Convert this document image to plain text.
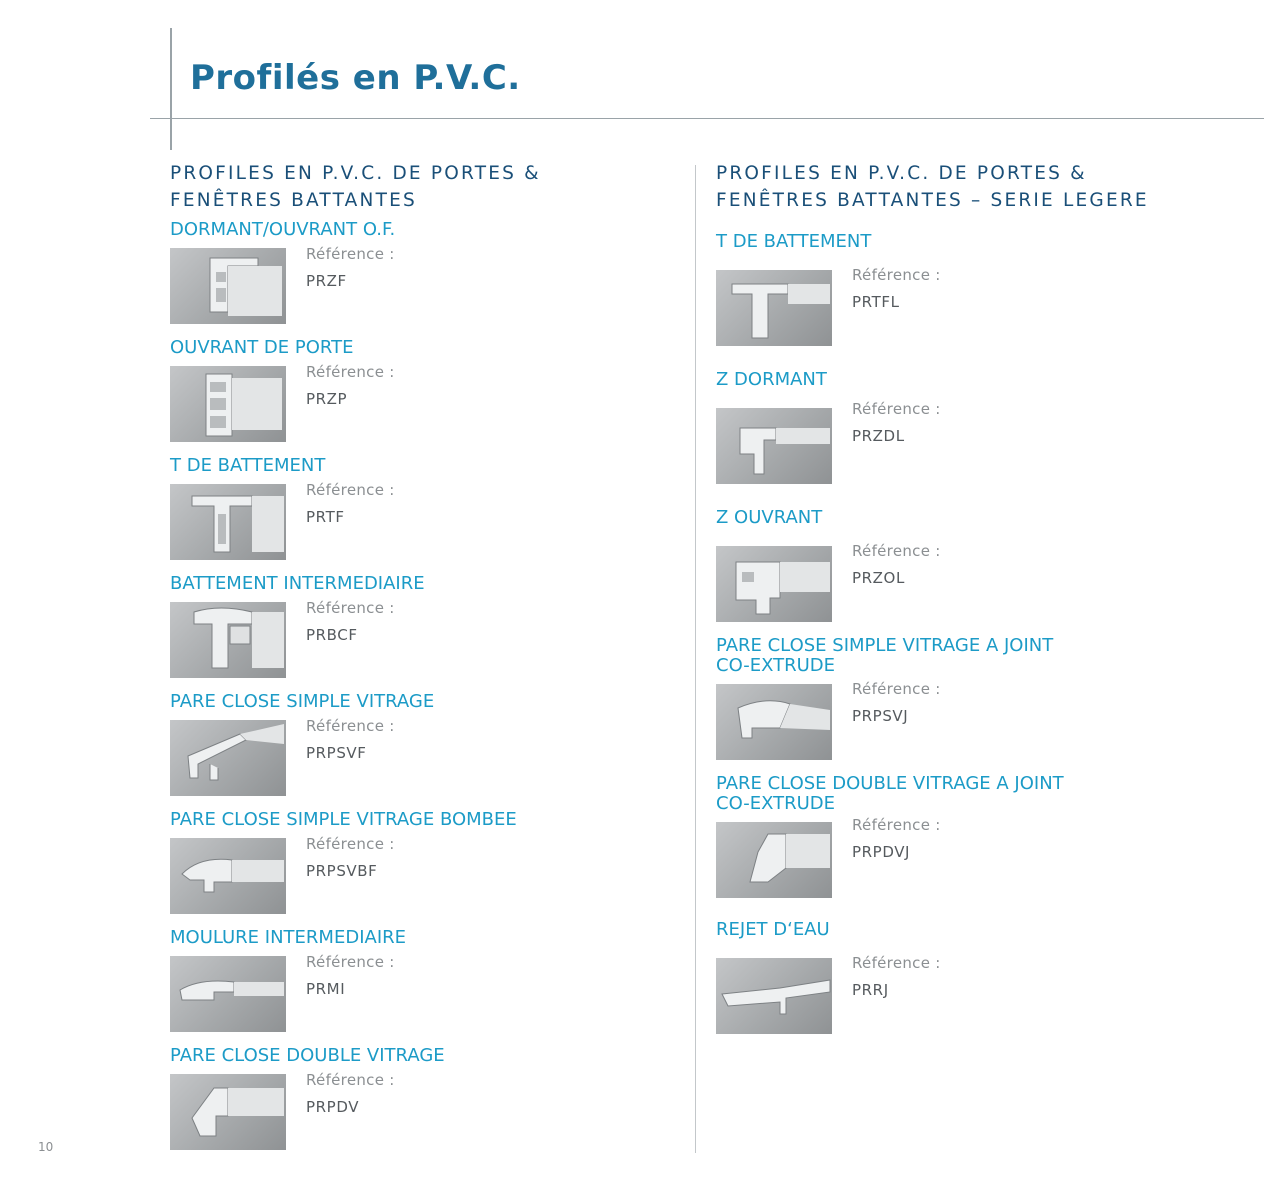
Profilés en P.V.C.
PROFILES EN P.V.C. DE PORTES &
FENÊTRES BATTANTES

DORMANT/OUVRANT O.F.

Référence :
PRZF

OUVRANT DE PORTE

Référence :
PRZP

T DE BATTEMENT

Référence :
PRTF

BATTEMENT INTERMEDIAIRE

Référence :
PRBCF

PARE CLOSE SIMPLE VITRAGE

Référence :
PRPSVF

PARE CLOSE SIMPLE VITRAGE BOMBEE

Référence :
PRPSVBF

MOULURE INTERMEDIAIRE

Référence :
PRMI

PARE CLOSE DOUBLE VITRAGE

Référence :
PRPDV
PROFILES EN P.V.C. DE PORTES &
FENÊTRES BATTANTES – SERIE LEGERE

T DE BATTEMENT

Référence :
PRTFL

Z DORMANT

Référence :
PRZDL

Z OUVRANT

Référence :
PRZOL

PARE CLOSE SIMPLE VITRAGE A JOINT

CO-EXTRUDE

Référence :
PRPSVJ

PARE CLOSE DOUBLE VITRAGE A JOINT

CO-EXTRUDE

Référence :
PRPDVJ

REJET D‘EAU

Référence :
PRRJ
10
